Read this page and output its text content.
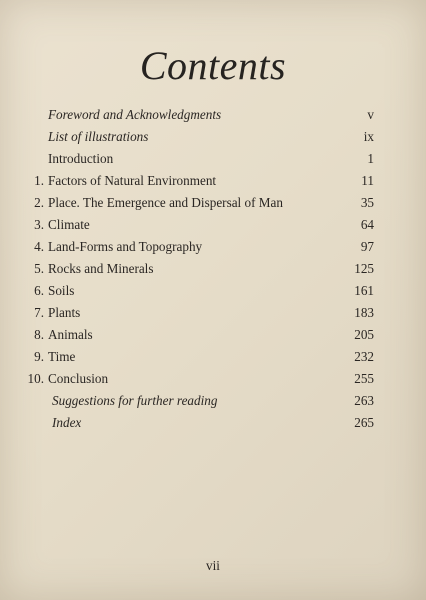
Contents
Foreword and Acknowledgments	v
List of illustrations	ix
Introduction	1
1. Factors of Natural Environment	11
2. Place. The Emergence and Dispersal of Man	35
3. Climate	64
4. Land-Forms and Topography	97
5. Rocks and Minerals	125
6. Soils	161
7. Plants	183
8. Animals	205
9. Time	232
10. Conclusion	255
Suggestions for further reading	263
Index	265
vii
